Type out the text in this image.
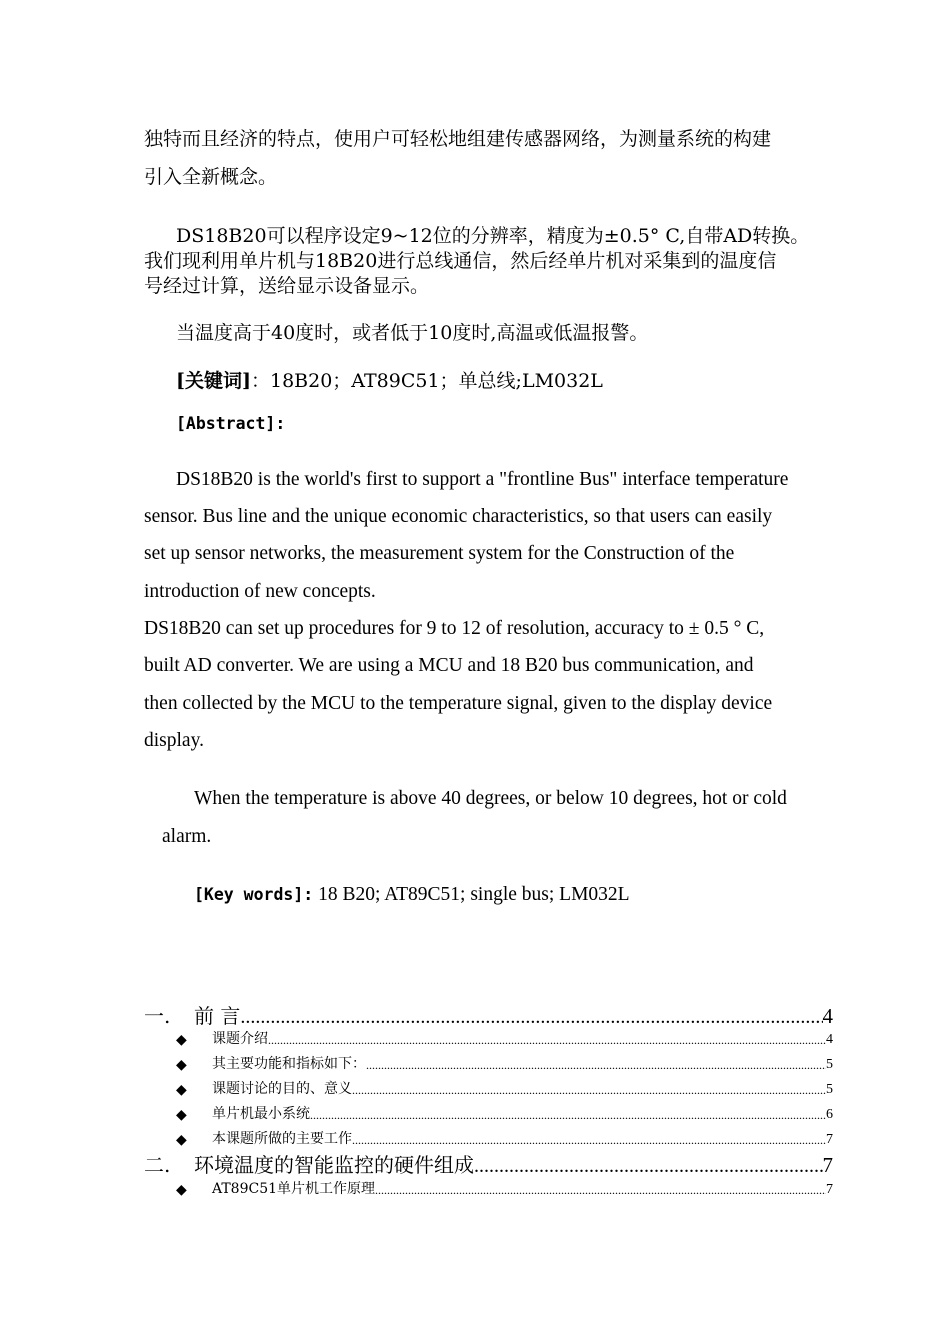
独特而且经济的特点，使用户可轻松地组建传感器网络，为测量系统的构建
引入全新概念。
DS18B20可以程序设定9~12位的分辨率，精度为±0.5° C,自带AD转换。
我们现利用单片机与18B20进行总线通信，然后经单片机对采集到的温度信
号经过计算，送给显示设备显示。
当温度高于40度时，或者低于10度时,高温或低温报警。
[关键词]：18B20；AT89C51；单总线;LM032L
[Abstract]:
DS18B20 is the world's first to support a "frontline Bus" interface temperature
sensor. Bus line and the unique economic characteristics, so that users can easily
set up sensor networks, the measurement system for the Construction of the
introduction of new concepts.
DS18B20 can set up procedures for 9 to 12 of resolution, accuracy to ± 0.5 ° C,
built AD converter. We are using a MCU and 18 B20 bus communication, and
then collected by the MCU to the temperature signal, given to the display device
display.
When the temperature is above 40 degrees, or below 10 degrees, hot or cold
alarm.
[Key words]: 18 B20; AT89C51; single bus; LM032L
一.	前 言 .....	4
◆	课题介绍 .....	4
◆	其主要功能和指标如下： .....	5
◆	课题讨论的目的、意义 .....	5
◆	单片机最小系统 .....	6
◆	本课题所做的主要工作 .....	7
二.	环境温度的智能监控的硬件组成 .....	7
◆	AT89C51单片机工作原理 .....	7
